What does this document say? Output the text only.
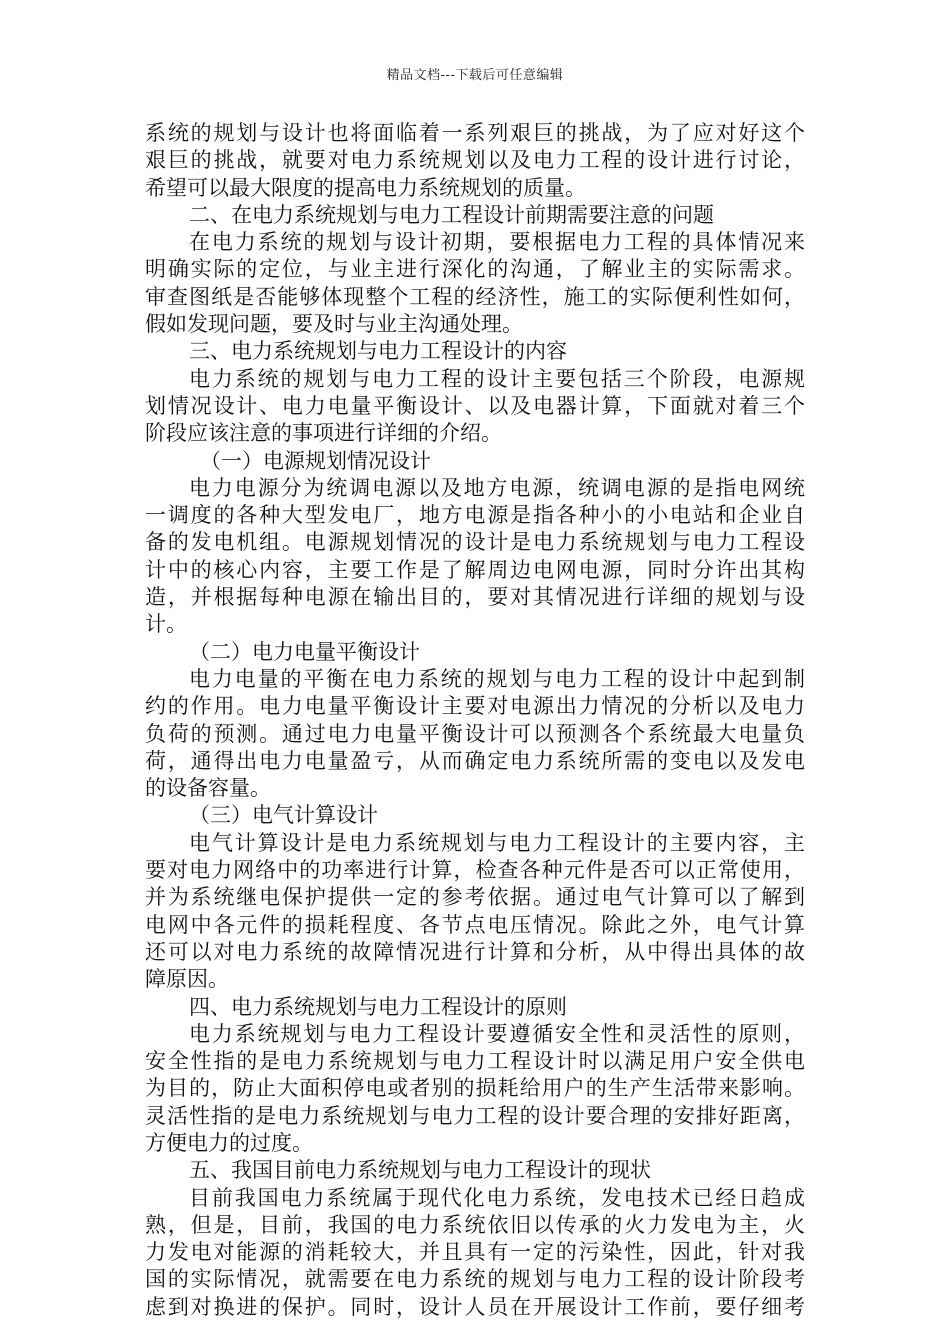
精品文档---下载后可任意编辑
系统的规划与设计也将面临着一系列艰巨的挑战，为了应对好这个
艰巨的挑战，就要对电力系统规划以及电力工程的设计进行讨论，
希望可以最大限度的提高电力系统规划的质量。
二、在电力系统规划与电力工程设计前期需要注意的问题
在电力系统的规划与设计初期，要根据电力工程的具体情况来
明确实际的定位，与业主进行深化的沟通，了解业主的实际需求。
审查图纸是否能够体现整个工程的经济性，施工的实际便利性如何，
假如发现问题，要及时与业主沟通处理。
三、电力系统规划与电力工程设计的内容
电力系统的规划与电力工程的设计主要包括三个阶段，电源规
划情况设计、电力电量平衡设计、以及电器计算，下面就对着三个
阶段应该注意的事项进行详细的介绍。
（一）电源规划情况设计
电力电源分为统调电源以及地方电源，统调电源的是指电网统
一调度的各种大型发电厂，地方电源是指各种小的小电站和企业自
备的发电机组。电源规划情况的设计是电力系统规划与电力工程设
计中的核心内容，主要工作是了解周边电网电源，同时分许出其构
造，并根据每种电源在输出目的，要对其情况进行详细的规划与设
计。
（二）电力电量平衡设计
电力电量的平衡在电力系统的规划与电力工程的设计中起到制
约的作用。电力电量平衡设计主要对电源出力情况的分析以及电力
负荷的预测。通过电力电量平衡设计可以预测各个系统最大电量负
荷，通得出电力电量盈亏，从而确定电力系统所需的变电以及发电
的设备容量。
（三）电气计算设计
电气计算设计是电力系统规划与电力工程设计的主要内容，主
要对电力网络中的功率进行计算，检查各种元件是否可以正常使用，
并为系统继电保护提供一定的参考依据。通过电气计算可以了解到
电网中各元件的损耗程度、各节点电压情况。除此之外，电气计算
还可以对电力系统的故障情况进行计算和分析，从中得出具体的故
障原因。
四、电力系统规划与电力工程设计的原则
电力系统规划与电力工程设计要遵循安全性和灵活性的原则，
安全性指的是电力系统规划与电力工程设计时以满足用户安全供电
为目的，防止大面积停电或者别的损耗给用户的生产生活带来影响。
灵活性指的是电力系统规划与电力工程的设计要合理的安排好距离，
方便电力的过度。
五、我国目前电力系统规划与电力工程设计的现状
目前我国电力系统属于现代化电力系统，发电技术已经日趋成
熟，但是，目前，我国的电力系统依旧以传承的火力发电为主，火
力发电对能源的消耗较大，并且具有一定的污染性，因此，针对我
国的实际情况，就需要在电力系统的规划与电力工程的设计阶段考
虑到对换进的保护。同时，设计人员在开展设计工作前，要仔细考
